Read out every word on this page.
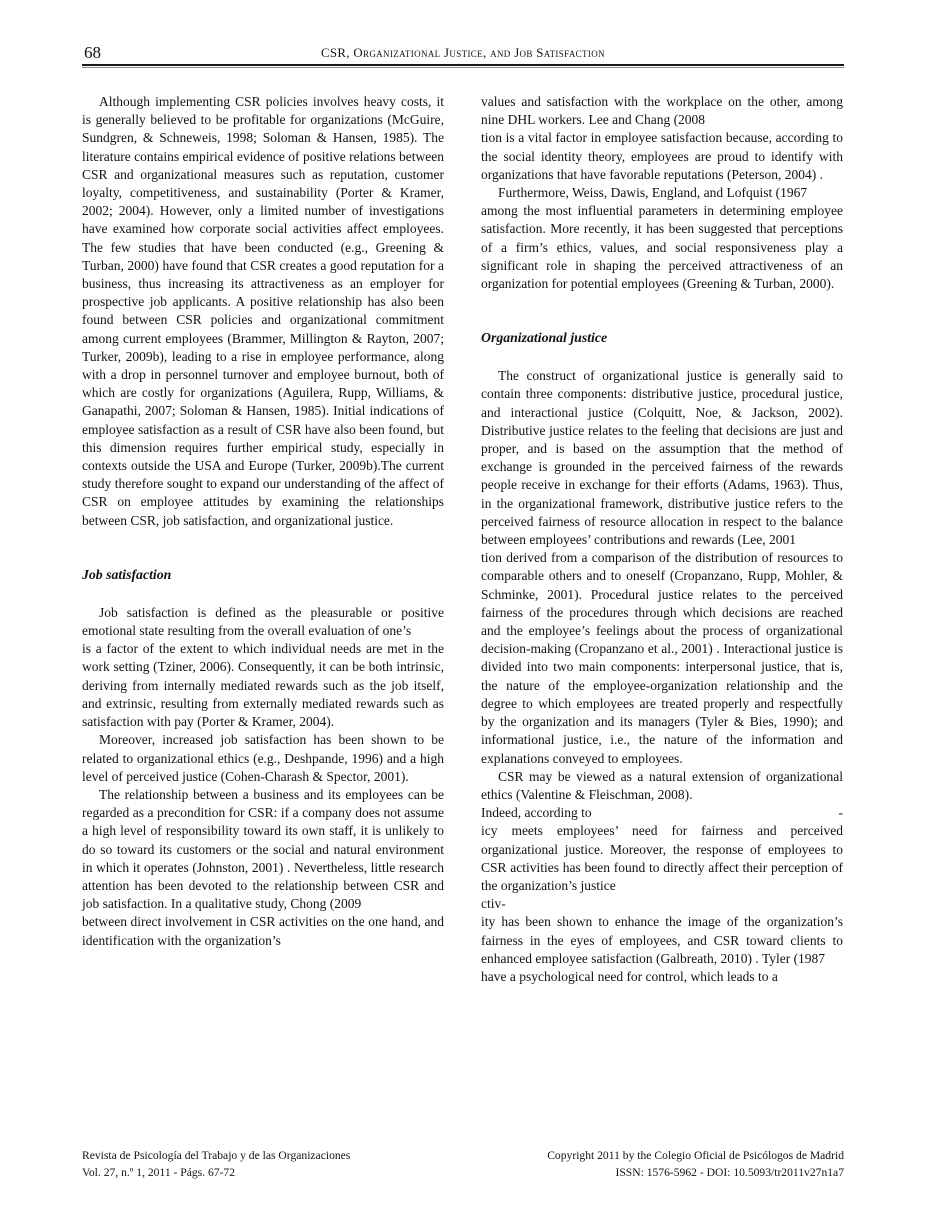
68	CSR, Organizational Justice, and Job Satisfaction
Although implementing CSR policies involves heavy costs, it is generally believed to be profitable for organizations (McGuire, Sundgren, & Schneweis, 1998; Soloman & Hansen, 1985). The literature contains empirical evidence of positive relations between CSR and organizational measures such as reputation, customer loyalty, competitiveness, and sustainability (Porter & Kramer, 2002; 2004). However, only a limited number of investigations have examined how corporate social activities affect employees. The few studies that have been conducted (e.g., Greening & Turban, 2000) have found that CSR creates a good reputation for a business, thus increasing its attractiveness as an employer for prospective job applicants. A positive relationship has also been found between CSR policies and organizational commitment among current employees (Brammer, Millington & Rayton, 2007; Turker, 2009b), leading to a rise in employee performance, along with a drop in personnel turnover and employee burnout, both of which are costly for organizations (Aguilera, Rupp, Williams, & Ganapathi, 2007; Soloman & Hansen, 1985). Initial indications of employee satisfaction as a result of CSR have also been found, but this dimension requires further empirical study, especially in contexts outside the USA and Europe (Turker, 2009b).The current study therefore sought to expand our understanding of the affect of CSR on employee attitudes by examining the relationships between CSR, job satisfaction, and organizational justice.
Job satisfaction
Job satisfaction is defined as the pleasurable or positive emotional state resulting from the overall evaluation of one’s
is a factor of the extent to which individual needs are met in the work setting (Tziner, 2006). Consequently, it can be both intrinsic, deriving from internally mediated rewards such as the job itself, and extrinsic, resulting from externally mediated rewards such as satisfaction with pay (Porter & Kramer, 2004).
Moreover, increased job satisfaction has been shown to be related to organizational ethics (e.g., Deshpande, 1996) and a high level of perceived justice (Cohen-Charash & Spector, 2001).
The relationship between a business and its employees can be regarded as a precondition for CSR: if a company does not assume a high level of responsibility toward its own staff, it is unlikely to do so toward its customers or the social and natural environment in which it operates (Johnston, 2001) . Nevertheless, little research attention has been devoted to the relationship between CSR and job satisfaction. In a qualitative study, Chong (2009
between direct involvement in CSR activities on the one hand, and identification with the organization’s
values and satisfaction with the workplace on the other, among nine DHL workers. Lee and Chang (2008
tion is a vital factor in employee satisfaction because, according to the social identity theory, employees are proud to identify with organizations that have favorable reputations (Peterson, 2004) .
Furthermore, Weiss, Dawis, England, and Lofquist (1967
among the most influential parameters in determining employee satisfaction. More recently, it has been suggested that perceptions of a firm’s ethics, values, and social responsiveness play a significant role in shaping the perceived attractiveness of an organization for potential employees (Greening & Turban, 2000).
Organizational justice
The construct of organizational justice is generally said to contain three components: distributive justice, procedural justice, and interactional justice (Colquitt, Noe, & Jackson, 2002). Distributive justice relates to the feeling that decisions are just and proper, and is based on the assumption that the method of exchange is grounded in the perceived fairness of the rewards people receive in exchange for their efforts (Adams, 1963). Thus, in the organizational framework, distributive justice refers to the perceived fairness of resource allocation in respect to the balance between employees’ contributions and rewards (Lee, 2001
tion derived from a comparison of the distribution of resources to comparable others and to oneself (Cropanzano, Rupp, Mohler, & Schminke, 2001). Procedural justice relates to the perceived fairness of the procedures through which decisions are reached and the employee’s feelings about the process of organizational decision-making (Cropanzano et al., 2001) . Interactional justice is divided into two main components: interpersonal justice, that is, the nature of the employee-organization relationship and the degree to which employees are treated properly and respectfully by the organization and its managers (Tyler & Bies, 1990); and informational justice, i.e., the nature of the information and explanations conveyed to employees.
CSR may be viewed as a natural extension of organizational ethics (Valentine & Fleischman, 2008).
Indeed, according to	-
icy meets employees’ need for fairness and perceived organizational justice. Moreover, the response of employees to CSR activities has been found to directly affect their perception of the organization’s justice
ctiv-
ity has been shown to enhance the image of the organization’s fairness in the eyes of employees, and CSR toward clients to enhanced employee satisfaction (Galbreath, 2010) . Tyler (1987
have a psychological need for control, which leads to a
Revista de Psicología del Trabajo y de las Organizaciones
Vol. 27, n.º 1, 2011 - Págs. 67-72
Copyright 2011 by the Colegio Oficial de Psicólogos de Madrid
ISSN: 1576-5962 - DOI: 10.5093/tr2011v27n1a7
